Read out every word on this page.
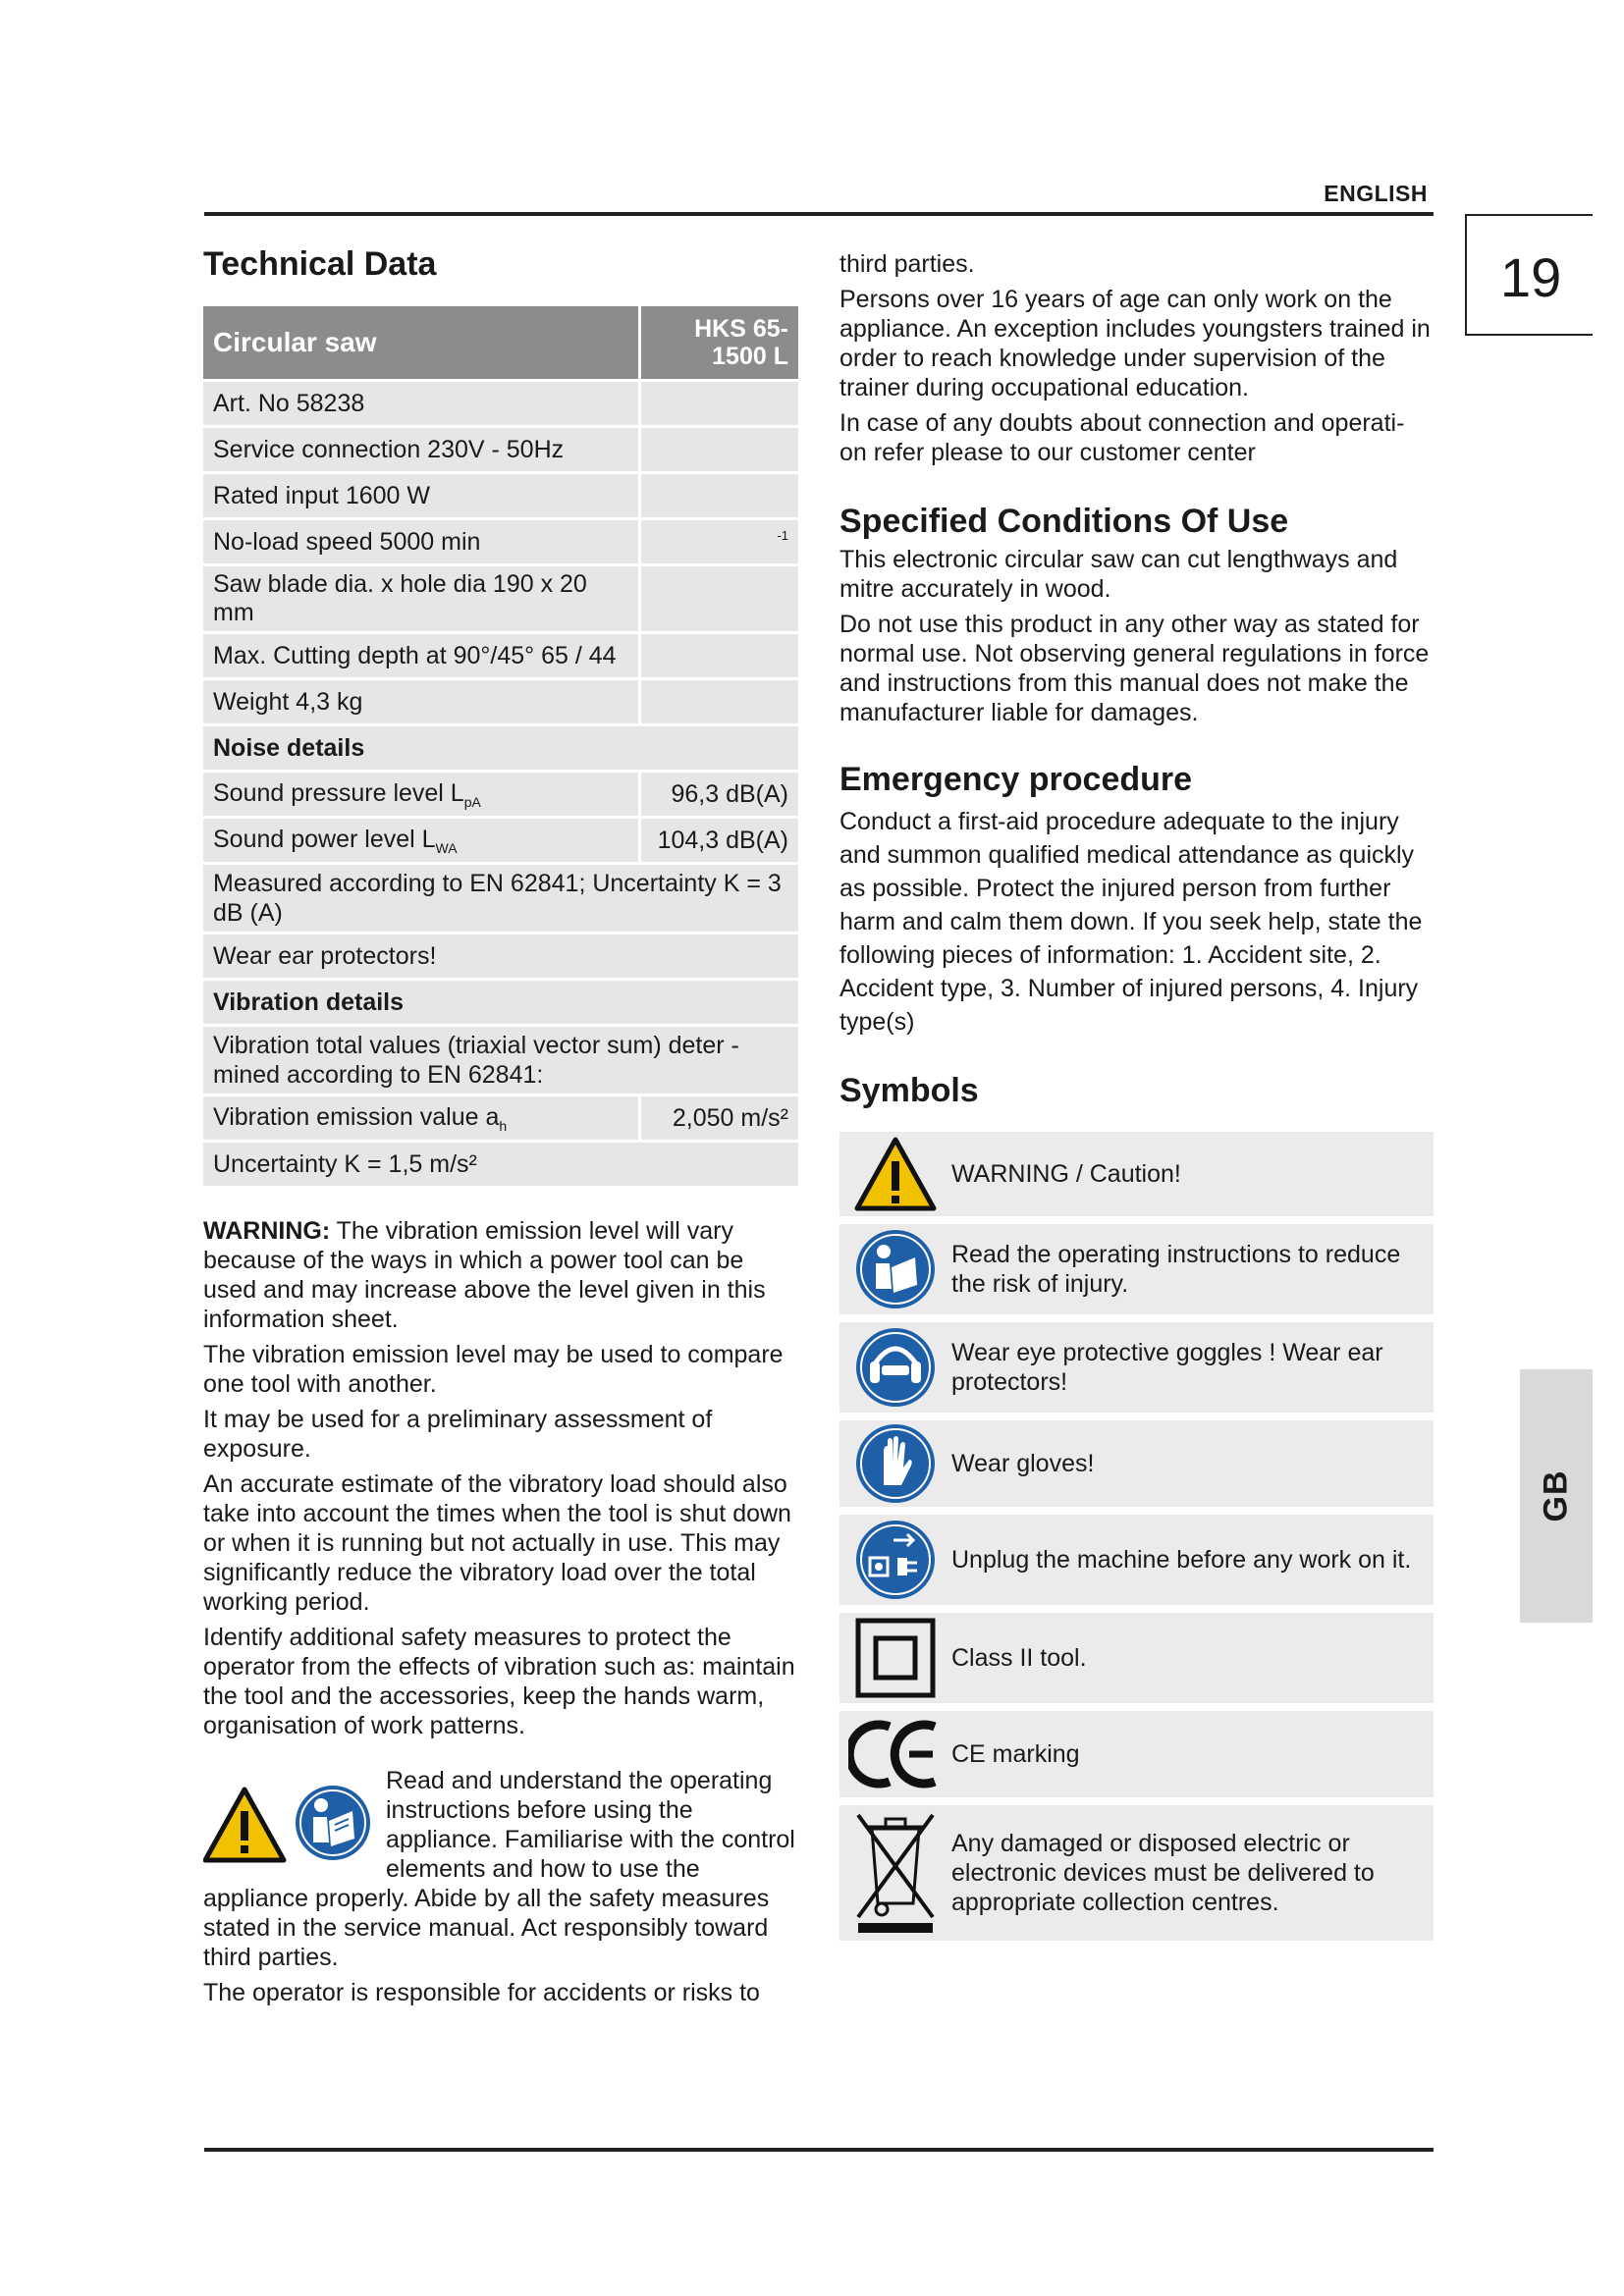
ENGLISH
19
GB
Technical Data
Circular saw	HKS 65-1500 L
Art. No 58238	
Service connection 230V - 50Hz	
Rated input 1600 W	
No-load speed 5000 min	$^{-1}$
Saw blade dia. x hole dia 190 x 20 mm	
Max. Cutting depth at 90°/45° 65 / 44	
Weight 4,3 kg	
Noise details	
Sound pressure level $L_{pA}$	96,3 dB(A)
Sound power level $L_{WA}$	104,3 dB(A)
Measured according to EN 62841; Uncertainty K = 3 dB (A)	
Wear ear protectors!	
Vibration details	
Vibration total values (triaxial vector sum) deter - mined according to EN 62841:	
Vibration emission value $a_h$	2,050 m/s²
Uncertainty K = 1,5 m/s²	

WARNING: The vibration emission level will vary because of the ways in which a power tool can be used and may increase above the level given in this information sheet.

The vibration emission level may be used to compare one tool with another.

It may be used for a preliminary assessment of exposure.

An accurate estimate of the vibratory load should also take into account the times when the tool is shut down or when it is running but not actually in use. This may significantly reduce the vibratory load over the total working period.

Identify additional safety measures to protect the operator from the effects of vibration such as: maintain the tool and the accessories, keep the hands warm, organisation of work patterns.

Read and understand the operating instructions before using the appliance. Familiarise with the control elements and how to use the appliance properly. Abide by all the safety measures stated in the service manual. Act responsibly toward third parties.

The operator is responsible for accidents or risks to

third parties.

Persons over 16 years of age can only work on the appliance. An exception includes youngsters trained in order to reach knowledge under supervision of the trainer during occupational education.

In case of any doubts about connection and operati- on refer please to our customer center

Specified Conditions Of Use

This electronic circular saw can cut lengthways and mitre accurately in wood.

Do not use this product in any other way as stated for normal use. Not observing general regulations in force and instructions from this manual does not make the manufacturer liable for damages.

Emergency procedure

Conduct a first-aid procedure adequate to the injury and summon qualified medical attendance as quickly as possible. Protect the injured person from further harm and calm them down. If you seek help, state the following pieces of information: 1. Accident site, 2. Accident type, 3. Number of injured persons, 4. Injury type(s)

Symbols
WARNING / Caution!
Read the operating instructions to reduce the risk of injury.
Wear eye protective goggles ! Wear ear protectors!
Wear gloves!
Unplug the machine before any work on it.
Class II tool.
CE marking
Any damaged or disposed electric or electronic devices must be delivered to appropriate collection centres.
